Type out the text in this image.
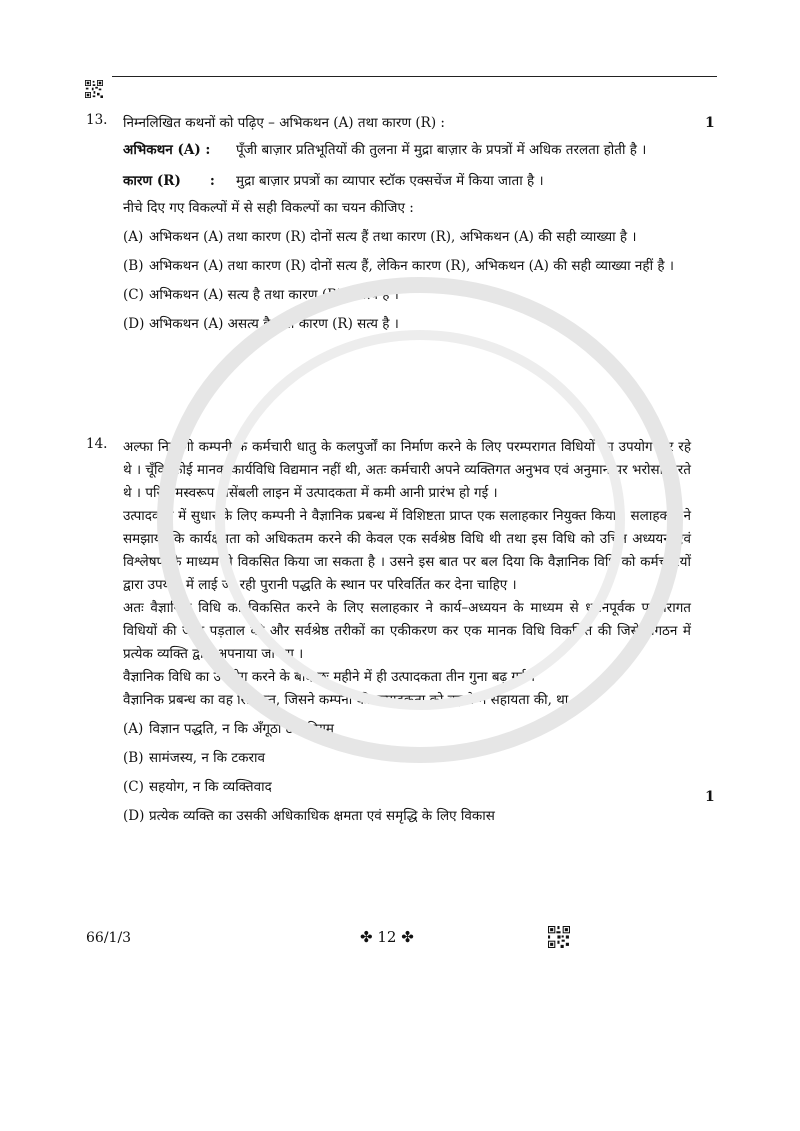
13.	निम्नलिखित कथनों को पढ़िए – अभिकथन (A) तथा कारण (R) :
अभिकथन (A) :	पूँजी बाज़ार प्रतिभूतियों की तुलना में मुद्रा बाज़ार के प्रपत्रों में अधिक तरलता होती है ।
कारण (R) :	मुद्रा बाज़ार प्रपत्रों का व्यापार स्टॉक एक्सचेंज में किया जाता है ।
नीचे दिए गए विकल्पों में से सही विकल्पों का चयन कीजिए :
(A) अभिकथन (A) तथा कारण (R) दोनों सत्य हैं तथा कारण (R), अभिकथन (A) की सही व्याख्या है ।
(B) अभिकथन (A) तथा कारण (R) दोनों सत्य हैं, लेकिन कारण (R), अभिकथन (A) की सही व्याख्या नहीं है ।
(C) अभिकथन (A) सत्य है तथा कारण (R) असत्य है ।
(D) अभिकथन (A) असत्य है तथा कारण (R) सत्य है ।
1
14.	अल्फा निर्माणी कम्पनी के कर्मचारी धातु के कलपुर्जों का निर्माण करने के लिए परम्परागत विधियों का उपयोग कर रहे थे । चूँकि कोई मानक कार्यविधि विद्यमान नहीं थी, अतः कर्मचारी अपने व्यक्तिगत अनुभव एवं अनुमान पर भरोसा करते थे । परिणामस्वरूप असेंबली लाइन में उत्पादकता में कमी आनी प्रारंभ हो गई ।

उत्पादकता में सुधार के लिए कम्पनी ने वैज्ञानिक प्रबन्ध में विशिष्टता प्राप्त एक सलाहकार नियुक्त किया । सलाहकार ने समझाया कि कार्यक्षमता को अधिकतम करने की केवल एक सर्वश्रेष्ठ विधि थी तथा इस विधि को उचित अध्ययन एवं विश्लेषण के माध्यम से विकसित किया जा सकता है । उसने इस बात पर बल दिया कि वैज्ञानिक विधि को कर्मचारियों द्वारा उपयोग में लाई जा रही पुरानी पद्धति के स्थान पर परिवर्तित कर देना चाहिए ।

अतः वैज्ञानिक विधि को विकसित करने के लिए सलाहकार ने कार्य–अध्ययन के माध्यम से ध्यानपूर्वक परम्परागत विधियों की जाँच पड़ताल की और सर्वश्रेष्ठ तरीकों का एकीकरण कर एक मानक विधि विकसित की जिसे संगठन में प्रत्येक व्यक्ति द्वारा अपनाया जायेगा ।

वैज्ञानिक विधि का उपयोग करने के बाद छः महीने में ही उत्पादकता तीन गुना बढ़ गई ।

वैज्ञानिक प्रबन्ध का वह सिद्धान्त, जिसने कम्पनी की उत्पादकता को बढ़ाने में सहायता की, था :
(A) विज्ञान पद्धति, न कि अँगूठा टेक नियम
(B) सामंजस्य, न कि टकराव
(C) सहयोग, न कि व्यक्तिवाद
(D) प्रत्येक व्यक्ति का उसकी अधिकाधिक क्षमता एवं समृद्धि के लिए विकास
1
66/1/3	✤ 12 ✤
